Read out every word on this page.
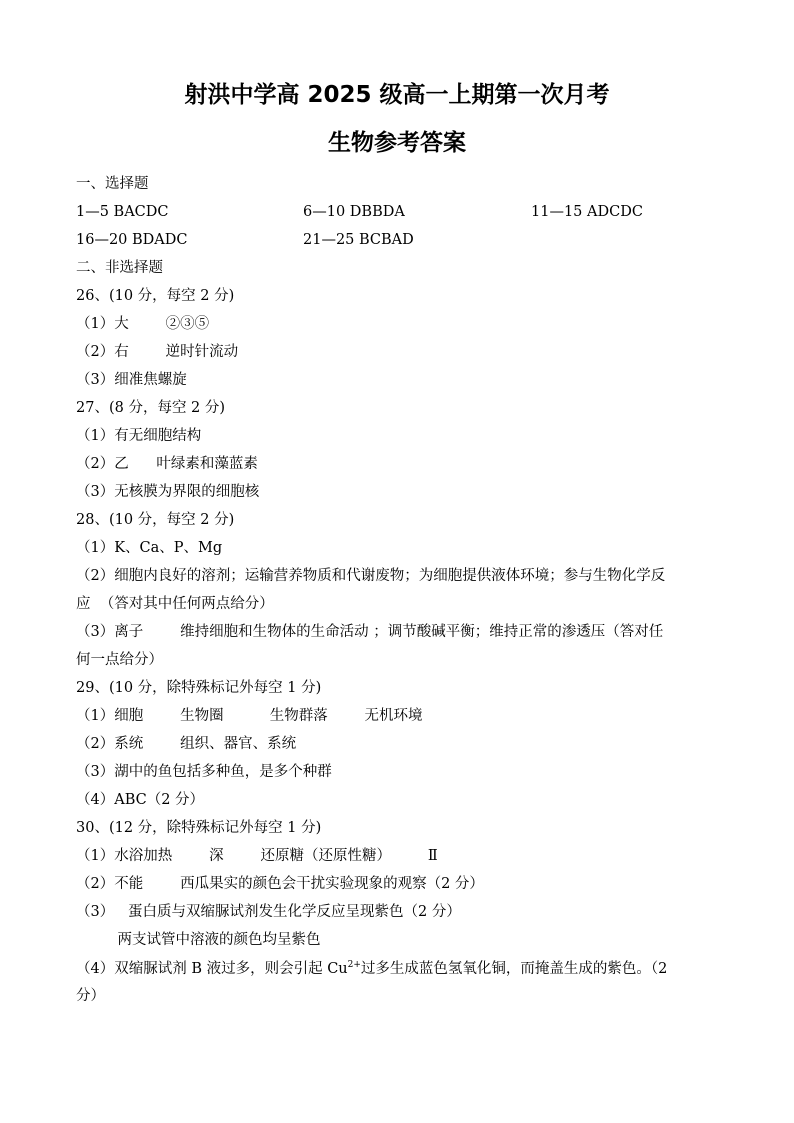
射洪中学高 2025 级高一上期第一次月考
生物参考答案
一、选择题
1—5 BACDC	6—10 DBBDA	11—15 ADCDC
16—20 BDADC	21—25 BCBAD
二、非选择题
26、(10 分，每空 2 分)
（1）大        ②③⑤
（2）右        逆时针流动
（3）细准焦螺旋
27、(8 分，每空 2 分)
（1）有无细胞结构
（2）乙      叶绿素和藻蓝素
（3）无核膜为界限的细胞核
28、(10 分，每空 2 分)
（1）K、Ca、P、Mg
（2）细胞内良好的溶剂；运输营养物质和代谢废物；为细胞提供液体环境；参与生物化学反
应  （答对其中任何两点给分）
（3）离子        维持细胞和生物体的生命活动 ；调节酸碱平衡；维持正常的渗透压（答对任
何一点给分）
29、(10 分，除特殊标记外每空 1 分)
（1）细胞        生物圈          生物群落        无机环境
（2）系统        组织、器官、系统
（3）湖中的鱼包括多种鱼，是多个种群
（4）ABC（2 分）
30、(12 分，除特殊标记外每空 1 分)
（1）水浴加热        深        还原糖（还原性糖）        Ⅱ
（2）不能        西瓜果实的颜色会干扰实验现象的观察（2 分）
（3）   蛋白质与双缩脲试剂发生化学反应呈现紫色（2 分）
两支试管中溶液的颜色均呈紫色
（4）双缩脲试剂 B 液过多，则会引起 $Cu^{2+}$过多生成蓝色氢氧化铜，而掩盖生成的紫色。（2
分）
